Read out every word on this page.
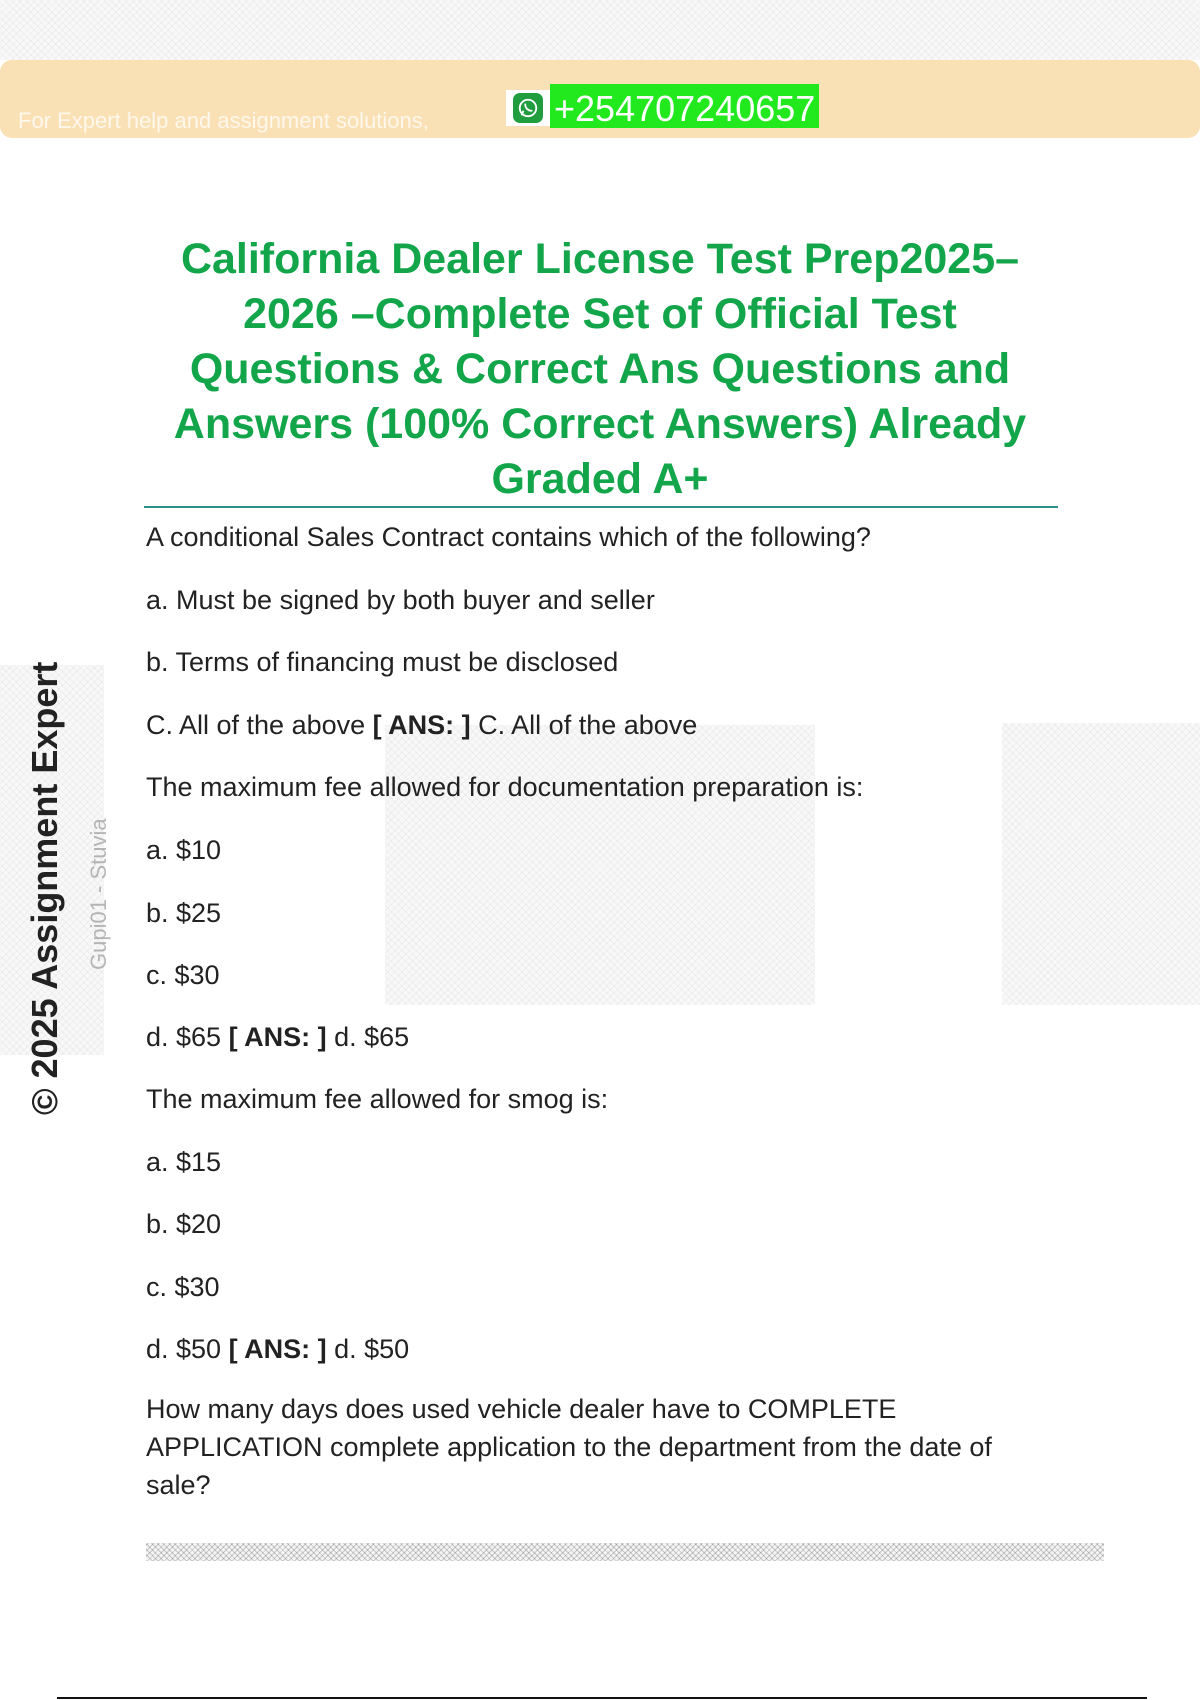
For Expert help and assignment solutions,	+254707240657
California Dealer License Test Prep2025–2026 –Complete Set of Official Test Questions & Correct Ans Questions and Answers (100% Correct Answers) Already Graded A+
© 2025 Assignment Expert Gupi01 - Stuvia

A conditional Sales Contract contains which of the following?

a. Must be signed by both buyer and seller

b. Terms of financing must be disclosed

C. All of the above [ ANS: ] C. All of the above

The maximum fee allowed for documentation preparation is:

a. $10

b. $25

c. $30

d. $65 [ ANS: ] d. $65

The maximum fee allowed for smog is:

a. $15

b. $20

c. $30

d. $50 [ ANS: ] d. $50

How many days does used vehicle dealer have to COMPLETE APPLICATION complete application to the department from the date of sale?
